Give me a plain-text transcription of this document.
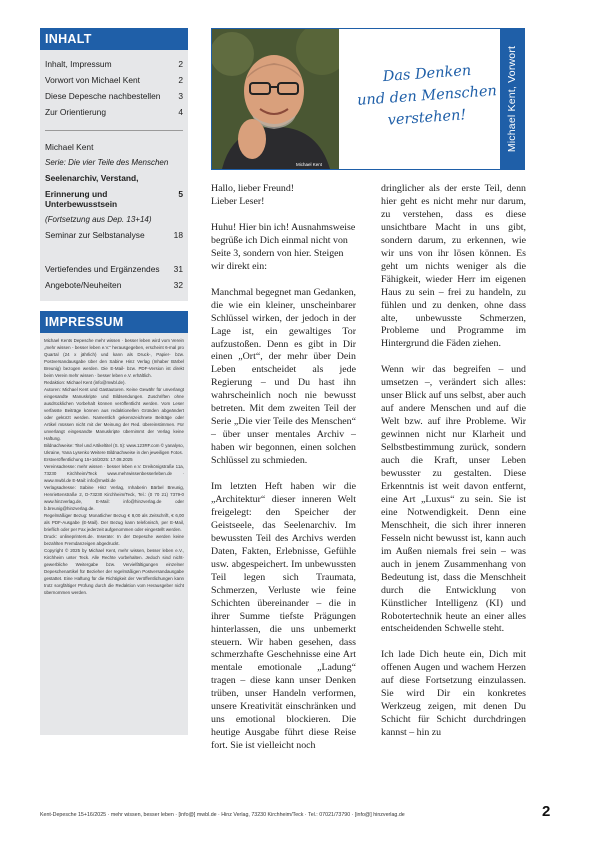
INHALT
Inhalt, Impressum	2
Vorwort von Michael Kent	2
Diese Depesche nachbestellen 3
Zur Orientierung	4
Michael Kent
Serie: Die vier Teile des Menschen
Seelenarchiv, Verstand,
Erinnerung und Unterbewusstsein
5
(Fortsetzung aus Dep. 13+14)
Seminar zur Selbstanalyse	18
Vertiefendes und Ergänzendes 31
Angebote/Neuheiten	32
IMPRESSUM

Michael Kents Depesche mehr wissen · besser leben wird vom Verein „mehr wissen - besser leben e.V.“ herausgegeben, erscheint 6-mal pro Quartal (24 x jährlich) und kann als Druck-, Papier- bzw. Postversandausgabe über den Sabine Hinz Verlag (Inhaber Bärbel Breunig) bezogen werden. Die E-Mail- bzw. PDF-Version ist direkt beim Verein mehr wissen · besser leben e.V. erhältlich.

Redaktion: Michael Kent (info@mwbl.de).

Autoren: Michael Kent und Gastautoren. Keine Gewähr für unverlangt eingesandte Manuskripte und Bildsendungen. Zuschriften ohne ausdrücklichen Vorbehalt können veröffentlicht werden. Vom Leser verfasste Beiträge können aus redaktionellen Gründen abgeändert oder gekürzt werden. Namentlich gekennzeichnete Beiträge oder Artikel müssen nicht mit der Meinung der Red. übereinstimmen. Für unverlangt eingesandte Manuskripte übernimmt der Verlag keine Haftung.

Bildnachweise: Titel und Artikeltitel (S. 5): www.123RF.com © yanalyso, Ukraine, Yana Lysenko Weitere Bildnachweise in den jeweiligen Fotos.

Erstveröffentlichung 15+16/2025: 17.08.2025

Vereinsadresse: mehr wissen · besser leben e.V. Dreikönigstraße 11a, 73230 Kirchheim/Teck www.mehrwissenbesserleben.de · www.mwbl.de E-Mail: info@mwbl.de

Verlagsadresse: Sabine Hinz Verlag, Inhaberin Bärbel Breunig, Henriettenstraße 2, D-73230 Kirchheim/Teck, Tel.: (0 70 21) 7379-0 www.hinzverlag.de, E-Mail: info@hinzverlag.de oder b.breunig@hinzverlag.de.

Regelmäßiger Bezug: Monatlicher Bezug € 8,00 als Zeitschrift, € 6,00 als PDF-Ausgabe (E-Mail). Der Bezug kann telefonisch, per E-Mail, brieflich oder per Fax jederzeit aufgenommen oder eingestellt werden.

Druck: onlineprinters.de. Inserate: In der Depesche werden keine bezahlten Fremdanzeigen abgedruckt.

Copyright © 2025 by Michael Kent, mehr wissen, besser leben e.V., Kirchheim unter Teck. Alle Rechte vorbehalten. Jedoch sind nicht-gewerbliche Weitergabe bzw. Vervielfältigungen einzelner Depeschenartikel für Bezieher der regelmäßigen Postversandausgabe gestattet. Eine Haftung für die Richtigkeit der Veröffentlichungen kann trotz sorgfältiger Prüfung durch die Redaktion vom Herausgeber nicht übernommen werden.

Michael Kent
Das Denken
und den Menschen
verstehen!	Michael Kent, Vorwort

Hallo, lieber Freund!
Lieber Leser!

Huhu! Hier bin ich! Ausnahmsweise begrüße ich Dich einmal nicht von Seite 3, sondern von hier. Steigen wir direkt ein:

Manchmal begegnet man Gedanken, die wie ein kleiner, unscheinbarer Schlüssel wirken, der jedoch in der Lage ist, ein gewaltiges Tor aufzustoßen. Denn es gibt in Dir einen „Ort“, der mehr über Dein Leben entscheidet als jede Regierung – und Du hast ihn wahrscheinlich noch nie bewusst betreten. Mit dem zweiten Teil der Serie „Die vier Teile des Menschen“ – über unser mentales Archiv – haben wir begonnen, einen solchen Schlüssel zu schmieden.

Im letzten Heft haben wir die „Architektur“ dieser inneren Welt freigelegt: den Speicher der Geistseele, das Seelenarchiv. Im bewussten Teil des Archivs werden Daten, Fakten, Erlebnisse, Gefühle usw. abgespeichert. Im unbewussten Teil legen sich Traumata, Schmerzen, Verluste wie feine Schichten übereinander – die in ihrer Summe tiefste Prägungen hinterlassen, die uns unbemerkt steuern. Wir haben gesehen, dass schmerzhafte Geschehnisse eine Art mentale emotionale „Ladung“ tragen – diese kann unser Denken trüben, unser Handeln verformen, unsere Kreativität einschränken und uns emotional blockieren. Die heutige Ausgabe führt diese Reise fort. Sie ist vielleicht noch

dringlicher als der erste Teil, denn hier geht es nicht mehr nur darum, zu verstehen, dass es diese unsichtbare Macht in uns gibt, sondern darum, zu erkennen, wie wir uns von ihr lösen können. Es geht um nichts weniger als die Fähigkeit, wieder Herr im eigenen Haus zu sein – frei zu handeln, zu fühlen und zu denken, ohne dass alte, unbewusste Schmerzen, Probleme und Programme im Hintergrund die Fäden ziehen.

Wenn wir das begreifen – und umsetzen –, verändert sich alles: unser Blick auf uns selbst, aber auch auf andere Menschen und auf die Welt bzw. auf ihre Probleme. Wir gewinnen nicht nur Klarheit und Selbstbestimmung zurück, sondern auch die Kraft, unser Leben bewusster zu gestalten. Diese Erkenntnis ist weit davon entfernt, eine Art „Luxus“ zu sein. Sie ist eine Notwendigkeit. Denn eine Menschheit, die sich ihrer inneren Fesseln nicht bewusst ist, kann auch im Außen niemals frei sein – was auch in jenem Zusammenhang von Bedeutung ist, dass die Menschheit durch die Entwicklung von Künstlicher Intelligenz (KI) und Robotertechnik heute an einer alles entscheidenden Schwelle steht.

Ich lade Dich heute ein, Dich mit offenen Augen und wachem Herzen auf diese Fortsetzung einzulassen. Sie wird Dir ein konkretes Werkzeug zeigen, mit denen Du Schicht für Schicht durchdringen kannst – hin zu

Kent-Depesche 15+16/2025 · mehr wissen, besser leben · [info@] mwbl.de · Hinz Verlag, 73230 Kirchheim/Teck · Tel.: 07021/73790 · [info@] hinzverlag.de	2
